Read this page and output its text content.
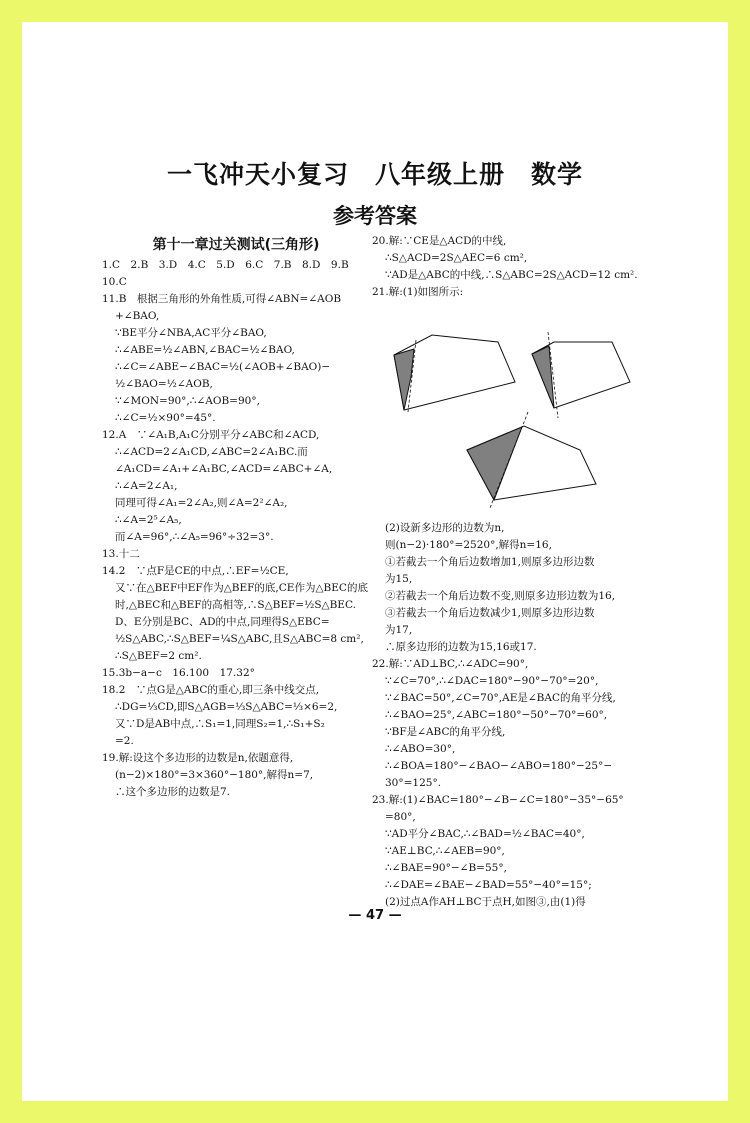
一飞冲天小复习　八年级上册　数学
参考答案
第十一章过关测试(三角形)
1.C　2.B　3.D　4.C　5.D　6.C　7.B　8.D　9.B
10.C
11.B　根据三角形的外角性质,可得∠ABN=∠AOB
+∠BAO,
∵BE平分∠NBA,AC平分∠BAO,
∴∠ABE=½∠ABN,∠BAC=½∠BAO,
∴∠C=∠ABE−∠BAC=½(∠AOB+∠BAO)−
½∠BAO=½∠AOB,
∵∠MON=90°,∴∠AOB=90°,
∴∠C=½×90°=45°.
12.A　∵∠A₁B,A₁C分别平分∠ABC和∠ACD,
∴∠ACD=2∠A₁CD,∠ABC=2∠A₁BC.而
∠A₁CD=∠A₁+∠A₁BC,∠ACD=∠ABC+∠A,
∴∠A=2∠A₁,
同理可得∠A₁=2∠A₂,则∠A=2²∠A₂,
∴∠A=2⁵∠A₅,
而∠A=96°,∴∠A₅=96°÷32=3°.
13.十二
14.2　∵点F是CE的中点,∴EF=½CE,
又∵在△BEF中EF作为△BEF的底,CE作为△BEC的底
时,△BEC和△BEF的高相等,∴S△BEF=½S△BEC.
D、E分别是BC、AD的中点,同理得S△EBC=
½S△ABC,∴S△BEF=¼S△ABC,且S△ABC=8 cm²,
∴S△BEF=2 cm².
15.3b−a−c　16.100　17.32°
18.2　∵点G是△ABC的重心,即三条中线交点,
∴DG=⅓CD,即S△AGB=⅓S△ABC=⅓×6=2,
又∵D是AB中点,∴S₁=1,同理S₂=1,∴S₁+S₂
=2.
19.解:设这个多边形的边数是n,依题意得,
(n−2)×180°=3×360°−180°,解得n=7,
∴这个多边形的边数是7.
20.解:∵CE是△ACD的中线,
∴S△ACD=2S△AEC=6 cm²,
∵AD是△ABC的中线,∴S△ABC=2S△ACD=12 cm².
21.解:(1)如图所示:
(2)设新多边形的边数为n,
则(n−2)·180°=2520°,解得n=16,
①若截去一个角后边数增加1,则原多边形边数
为15,
②若截去一个角后边数不变,则原多边形边数为16,
③若截去一个角后边数减少1,则原多边形边数
为17,
∴原多边形的边数为15,16或17.
22.解:∵AD⊥BC,∴∠ADC=90°,
∵∠C=70°,∴∠DAC=180°−90°−70°=20°,
∵∠BAC=50°,∠C=70°,AE是∠BAC的角平分线,
∴∠BAO=25°,∠ABC=180°−50°−70°=60°,
∵BF是∠ABC的角平分线,
∴∠ABO=30°,
∴∠BOA=180°−∠BAO−∠ABO=180°−25°−
30°=125°.
23.解:(1)∠BAC=180°−∠B−∠C=180°−35°−65°
=80°,
∵AD平分∠BAC,∴∠BAD=½∠BAC=40°,
∵AE⊥BC,∴∠AEB=90°,
∴∠BAE=90°−∠B=55°,
∴∠DAE=∠BAE−∠BAD=55°−40°=15°;
(2)过点A作AH⊥BC于点H,如图③,由(1)得
— 47 —
